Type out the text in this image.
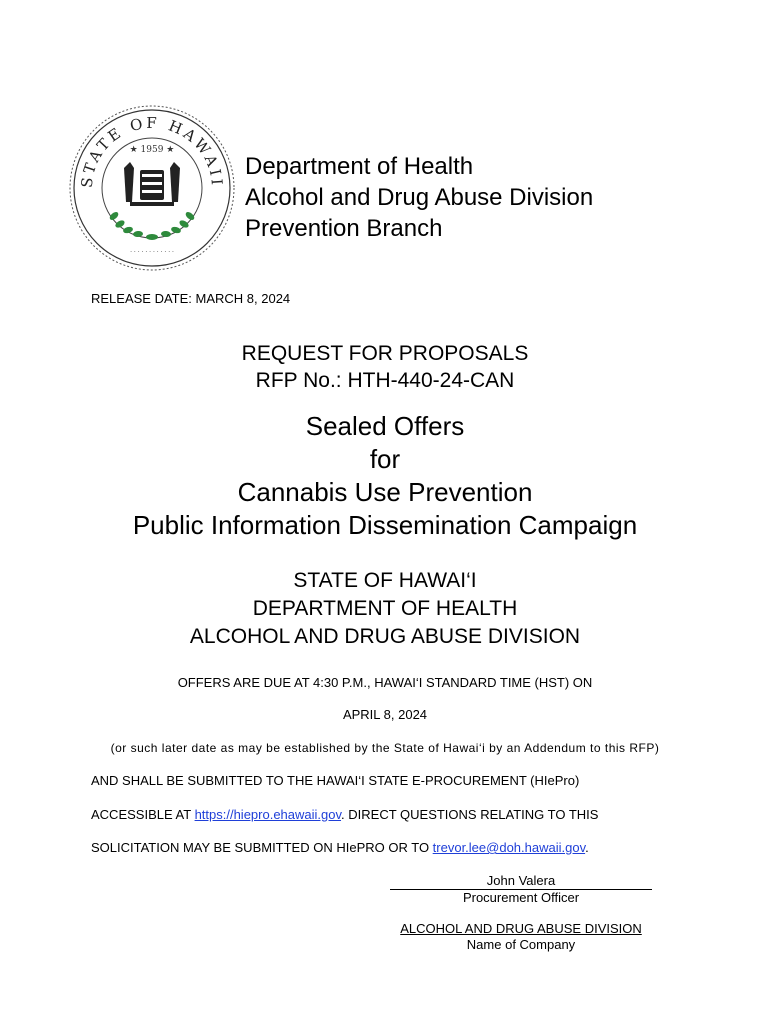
STATE OF HAWAII
★ 1959 ★
· · · · · · · · · · · ·
Department of Health
Alcohol and Drug Abuse Division
Prevention Branch
RELEASE DATE: MARCH 8, 2024
REQUEST FOR PROPOSALS
RFP No.: HTH-440-24-CAN
Sealed Offers
for
Cannabis Use Prevention
Public Information Dissemination Campaign
STATE OF HAWAI‘I
DEPARTMENT OF HEALTH
ALCOHOL AND DRUG ABUSE DIVISION
OFFERS ARE DUE AT 4:30 P.M., HAWAI‘I STANDARD TIME (HST) ON
APRIL 8, 2024
(or such later date as may be established by the State of Hawai‘i by an Addendum to this RFP)
AND SHALL BE SUBMITTED TO THE HAWAI‘I STATE E-PROCUREMENT (HIePro)
ACCESSIBLE AT https://hiepro.ehawaii.gov. DIRECT QUESTIONS RELATING TO THIS
SOLICITATION MAY BE SUBMITTED ON HIePRO OR TO trevor.lee@doh.hawaii.gov.
John Valera
Procurement Officer
ALCOHOL AND DRUG ABUSE DIVISION
Name of Company
